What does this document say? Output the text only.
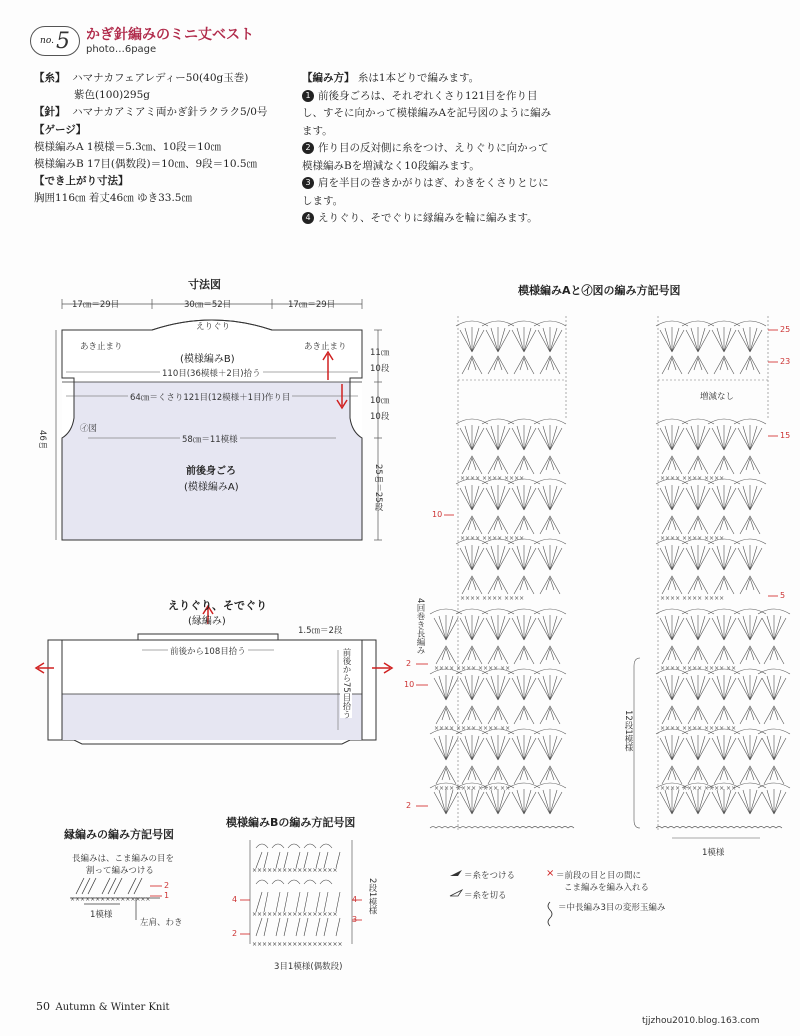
no. 5 かぎ針編みのミニ丈ベスト
photo…6page
【糸】 ハマナカフェアレディー50(40g玉巻)
紫色(100)295g
【針】 ハマナカアミアミ両かぎ針ラクラク5/0号
【ゲージ】
模様編みA 1模様＝5.3㎝、10段＝10㎝
模様編みB 17目(偶数段)＝10㎝、9段＝10.5㎝
【でき上がり寸法】
胸囲116㎝ 着丈46㎝ ゆき33.5㎝
【編み方】 糸は1本どりで編みます。
1 前後身ごろは、それぞれくさり121目を作り目し、すそに向かって模様編みAを記号図のように編みます。
2 作り目の反対側に糸をつけ、えりぐりに向かって模様編みBを増減なく10段編みます。
3 肩を半目の巻きかがりはぎ、わきをくさりとじにします。
4 えりぐり、そでぐりに縁編みを輪に編みます。
寸法図
17㎝＝29目	30㎝＝52目	17㎝＝29目
えりぐり
あき止まり	あき止まり
(模様編みB)
110目(36模様＋2目)拾う
64㎝＝くさり121目(12模様＋1目)作り目
㋑図
58㎝＝11模様
前後身ごろ
(模様編みA)
46㎝
11㎝
10段
10㎝
10段
25㎝＝25段
えりぐり、そでぐり
(縁編み)
1.5㎝＝2段
前後から108目拾う	前後から75目拾う
縁編みの編み方記号図
長編みは、こま編みの目を
割って編みつける
××××××××××××××××
2
1
1模様
左肩、わき
模様編みBの編み方記号図
×××××××××××××××××
×××××××××××××××××
××××××××××××××××××
4	4
3
2
2段1模様
3目1模様(偶数段)
模様編みAと㋑図の編み方記号図
×××× ×××× ××××	×××× ×××× ××××
×××× ×××× ××××	×××× ×××× ××××
×××× ×××× ××××	×××× ×××× ××××
×××× ×××× ×××× ××	×××× ×××× ×××× ××
×××× ×××× ×××× ××	×××× ×××× ×××× ××
×××× ×××× ×××× ××	×××× ×××× ×××× ××
増減なし
25
23
15
10
5
10
2
2
4回巻き長編み
12段1模様
1模様
×
＝糸をつける
＝糸を切る
＝前段の目と目の間に
こま編みを編み入れる
＝中長編み3目の変形玉編み
50 Autumn & Winter Knit
tjjzhou2010.blog.163.com
